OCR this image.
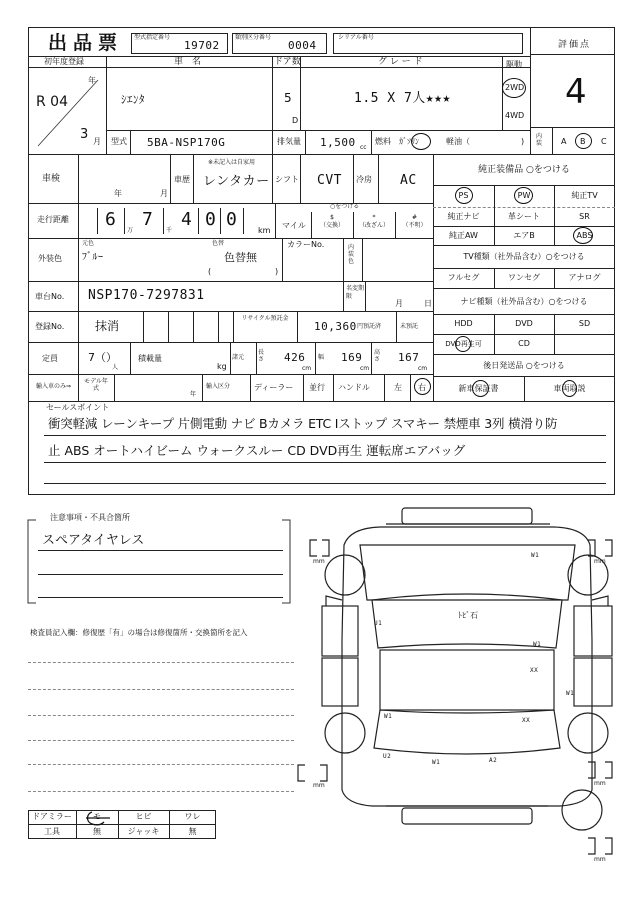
出品票 型式指定番号
19702
類別区分番号
0004
シリアル番号
評価点
4
初年度登録
R 04
年
3 月
車　名
ｼｴﾝﾀ
ドア数
5
D
グ レ ー ド
1.5 X 7人★★★
駆動
2WD
4WD
型式 5BA-NSP170G	排気量 1,500 cc
燃料 ｶﾞｿﾘﾝ	軽油（	)
内装 A B C
車検
年	月
車歴
※未記入は自家用
レンタカー シフト CVT 冷房 AC
走行距離 6
万
7
千
4 0 0
km
○をつける
マイル
$
（交換）
*
（改ざん）
#
（不明）
外装色
元色
ﾌﾞﾙｰ
色替
色替無
(	)
カラーNo.	内装色
車台No. NSP170-7297831	名変期限
月	日
登録No.	抹消
リサイクル預託金
10,360 円預託済	未預託
定員	7（）
人
積載量
kg
諸元
長さ 426
cm
幅 169
cm
高さ 167
cm
輸入車のみ⇒
モデル年式
年
輸入区分	ディーラー 並行 ハンドル	左 右
純正装備品 ○をつける
PS	PW	純正TV
純正ナビ	革シート	SR
純正AW	エアB	ABS
TV種類（社外品含む）○をつける
フルセグ	ワンセグ	アナログ
ナビ種類（社外品含む）○をつける
HDD	DVD	SD
DVD再生可	CD
後日発送品 ○をつける
新車保証書	車両取説
セールスポイント
衝突軽減 レーンキープ 片側電動 ナビ Bカメラ ETC Iストップ スマキー 禁煙車 3列 横滑り防
止 ABS オートハイビーム ウォークスルー CD DVD再生 運転席エアバッグ
注意事項・不具合箇所
スペアタイヤレス
検査員記入欄：修復歴「有」の場合は修復箇所・交換箇所を記入
ドアミラー	モ	ヒビ	ワレ
工具	無	ジャッキ	無
mm	mm
mm	mm
mm
W1
ﾄﾋﾞ石
U1
W1
XX
W1
W1
XX
U2
W1	A2
